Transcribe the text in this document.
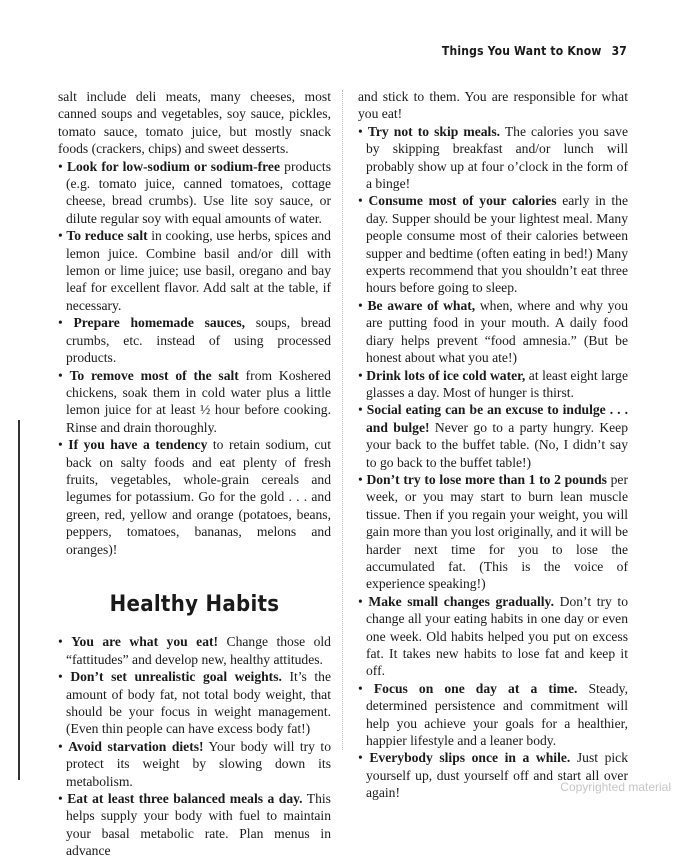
Things You Want to Know 37

salt include deli meats, many cheeses, most canned soups and vegetables, soy sauce, pickles, tomato sauce, tomato juice, but mostly snack foods (crackers, chips) and sweet desserts.

• Look for low-sodium or sodium-free products (e.g. tomato juice, canned tomatoes, cottage cheese, bread crumbs). Use lite soy sauce, or dilute regular soy with equal amounts of water.

• To reduce salt in cooking, use herbs, spices and lemon juice. Combine basil and/or dill with lemon or lime juice; use basil, oregano and bay leaf for excellent flavor. Add salt at the table, if necessary.

• Prepare homemade sauces, soups, bread crumbs, etc. instead of using processed products.

• To remove most of the salt from Koshered chickens, soak them in cold water plus a little lemon juice for at least ½ hour before cooking. Rinse and drain thoroughly.

• If you have a tendency to retain sodium, cut back on salty foods and eat plenty of fresh fruits, vegetables, whole-grain cereals and legumes for potassium. Go for the gold . . . and green, red, yellow and orange (potatoes, beans, peppers, tomatoes, bananas, melons and oranges)!

Healthy Habits

• You are what you eat! Change those old “fattitudes” and develop new, healthy attitudes.

• Don’t set unrealistic goal weights. It’s the amount of body fat, not total body weight, that should be your focus in weight management. (Even thin people can have excess body fat!)

• Avoid starvation diets! Your body will try to protect its weight by slowing down its metabolism.

• Eat at least three balanced meals a day. This helps supply your body with fuel to maintain your basal metabolic rate. Plan menus in advance

and stick to them. You are responsible for what you eat!

• Try not to skip meals. The calories you save by skipping breakfast and/or lunch will probably show up at four o’clock in the form of a binge!

• Consume most of your calories early in the day. Supper should be your lightest meal. Many people consume most of their calories between supper and bedtime (often eating in bed!) Many experts recommend that you shouldn’t eat three hours before going to sleep.

• Be aware of what, when, where and why you are putting food in your mouth. A daily food diary helps prevent “food amnesia.” (But be honest about what you ate!)

• Drink lots of ice cold water, at least eight large glasses a day. Most of hunger is thirst.

• Social eating can be an excuse to indulge . . . and bulge! Never go to a party hungry. Keep your back to the buffet table. (No, I didn’t say to go back to the buffet table!)

• Don’t try to lose more than 1 to 2 pounds per week, or you may start to burn lean muscle tissue. Then if you regain your weight, you will gain more than you lost originally, and it will be harder next time for you to lose the accumulated fat. (This is the voice of experience speaking!)

• Make small changes gradually. Don’t try to change all your eating habits in one day or even one week. Old habits helped you put on excess fat. It takes new habits to lose fat and keep it off.

• Focus on one day at a time. Steady, determined persistence and commitment will help you achieve your goals for a healthier, happier lifestyle and a leaner body.

• Everybody slips once in a while. Just pick yourself up, dust yourself off and start all over again!	Copyrighted material
